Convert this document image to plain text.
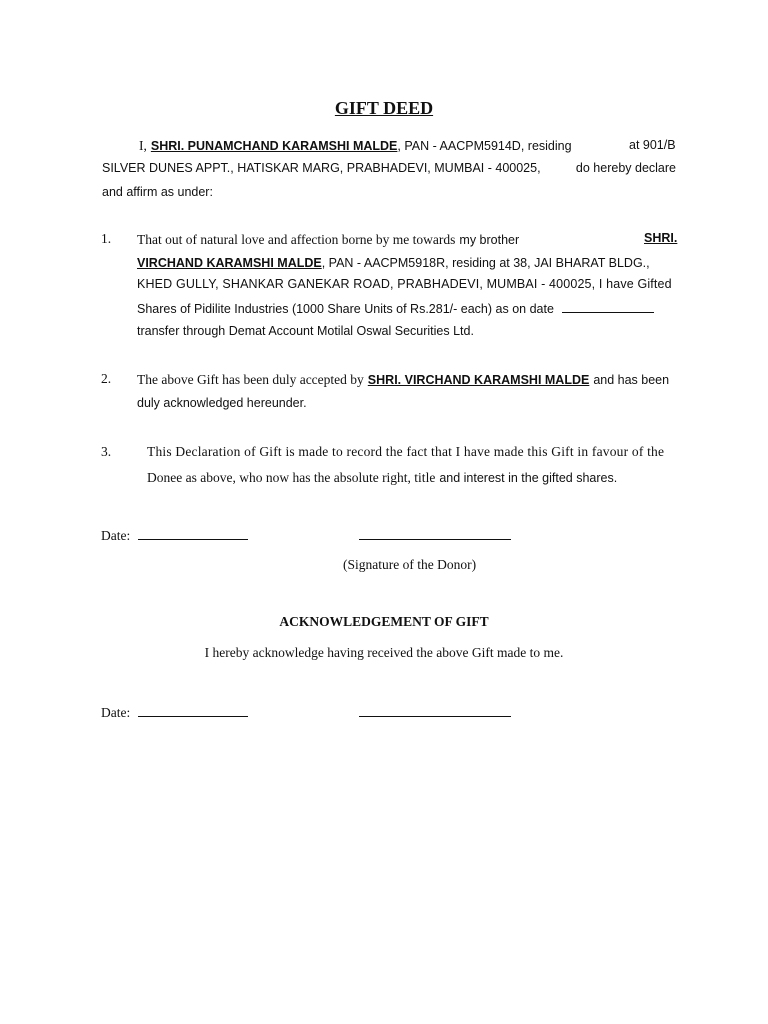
GIFT DEED
I, SHRI. PUNAMCHAND KARAMSHI MALDE, PAN - AACPM5914D, residing	at 901/B
SILVER DUNES APPT., HATISKAR MARG, PRABHADEVI, MUMBAI - 400025,	do hereby declare
and affirm as under:
1. That out of natural love and affection borne by me towards my brother	SHRI.
VIRCHAND KARAMSHI MALDE, PAN - AACPM5918R, residing at 38, JAI BHARAT BLDG.,
KHED GULLY, SHANKAR GANEKAR ROAD, PRABHADEVI, MUMBAI - 400025, I have Gifted
Shares of Pidilite Industries (1000 Share Units of Rs.281/- each) as on date
transfer through Demat Account Motilal Oswal Securities Ltd.
2. The above Gift has been duly accepted by SHRI. VIRCHAND KARAMSHI MALDE and has been
duly acknowledged hereunder.
3.	This Declaration of Gift is made to record the fact that I have made this Gift in favour of the
Donee as above, who now has the absolute right, title and interest in the gifted shares.
Date:
(Signature of the Donor)
ACKNOWLEDGEMENT OF GIFT
I hereby acknowledge having received the above Gift made to me.
Date:
